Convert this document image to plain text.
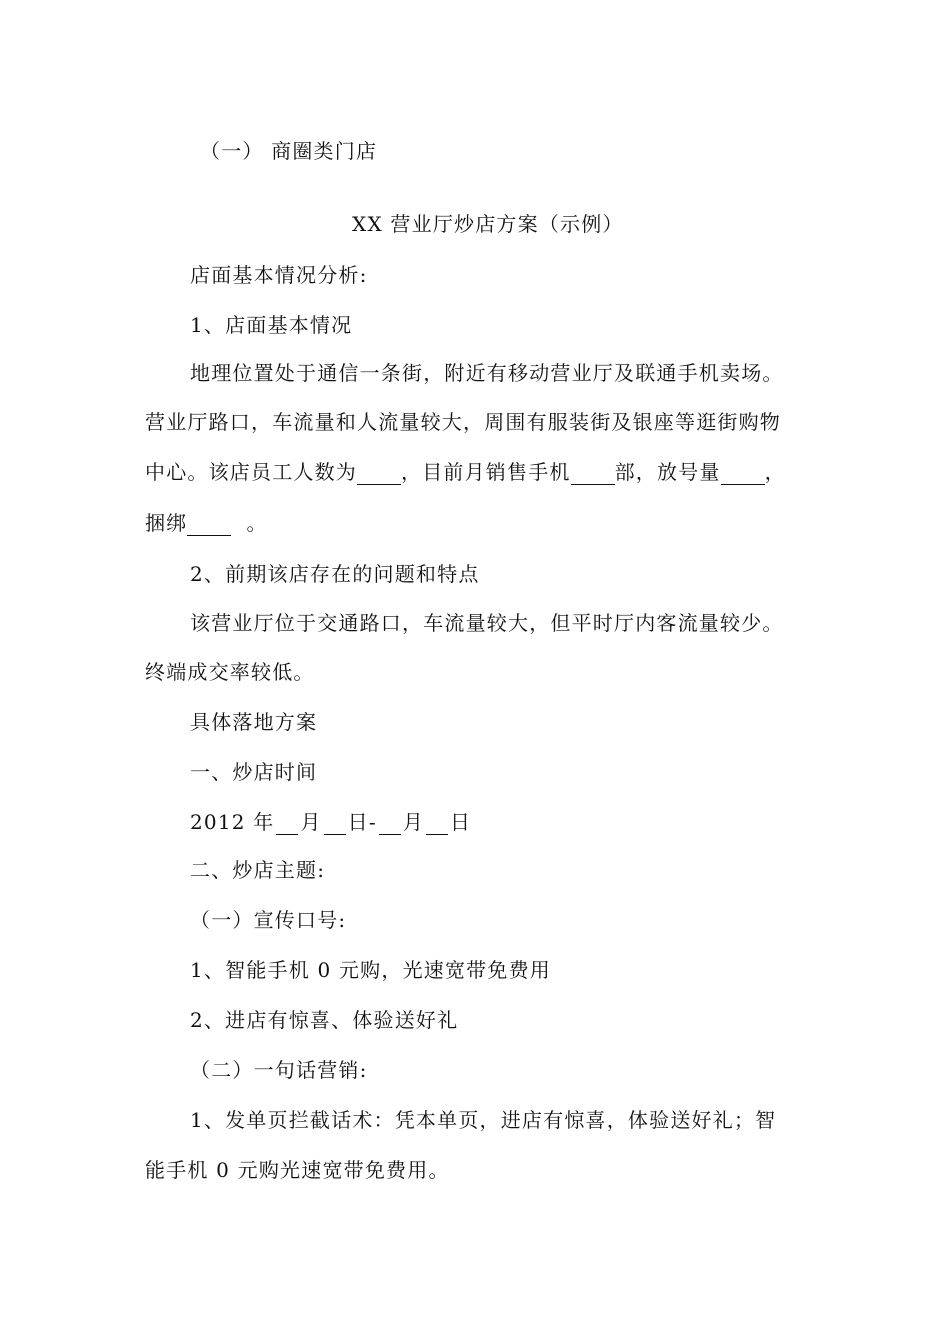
（一） 商圈类门店
XX 营业厅炒店方案（示例）
店面基本情况分析:
1、店面基本情况
地理位置处于通信一条街，附近有移动营业厅及联通手机卖场。
营业厅路口，车流量和人流量较大，周围有服装街及银座等逛街购物
中心。该店员工人数为 ，目前月销售手机 部，放号量 ，
捆绑	。
2、前期该店存在的问题和特点
该营业厅位于交通路口，车流量较大，但平时厅内客流量较少。
终端成交率较低。
具体落地方案
一、炒店时间
2012 年 月 日- 月 日
二、炒店主题:
（一）宣传口号:
1、智能手机 0 元购，光速宽带免费用
2、进店有惊喜、体验送好礼
（二）一句话营销:
1、发单页拦截话术：凭本单页，进店有惊喜，体验送好礼；智
能手机 0 元购光速宽带免费用。
